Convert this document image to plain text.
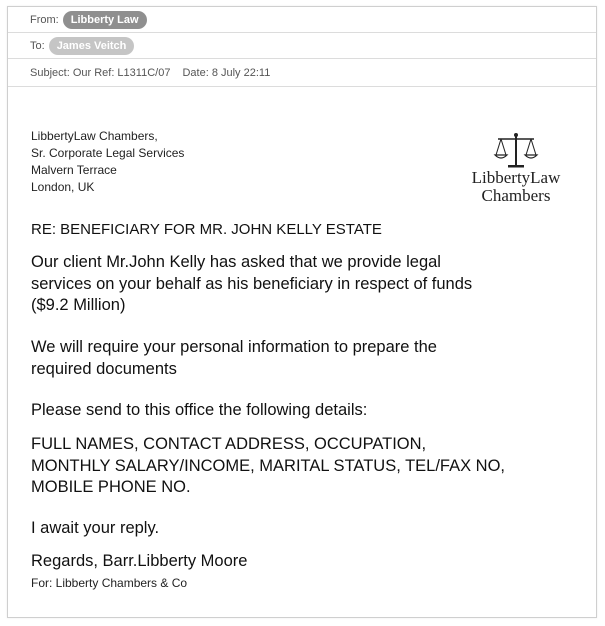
From:	Libberty Law
To:	James Veitch
Subject:
Our Ref: L1311C/07 Date:
8 July 22:11
LibbertyLaw Chambers,
Sr. Corporate Legal Services
Malvern Terrace
London, UK	LibbertyLaw
Chambers
RE: BENEFICIARY FOR MR. JOHN KELLY ESTATE
Our client Mr.John Kelly has asked that we provide legal
services on your behalf as his beneficiary in respect of funds
($9.2 Million)
We will require your personal information to prepare the
required documents
Please send to this office the following details:
FULL NAMES, CONTACT ADDRESS, OCCUPATION,
MONTHLY SALARY/INCOME, MARITAL STATUS, TEL/FAX NO,
MOBILE PHONE NO.
I await your reply.
Regards, Barr.Libberty Moore
For: Libberty Chambers & Co
